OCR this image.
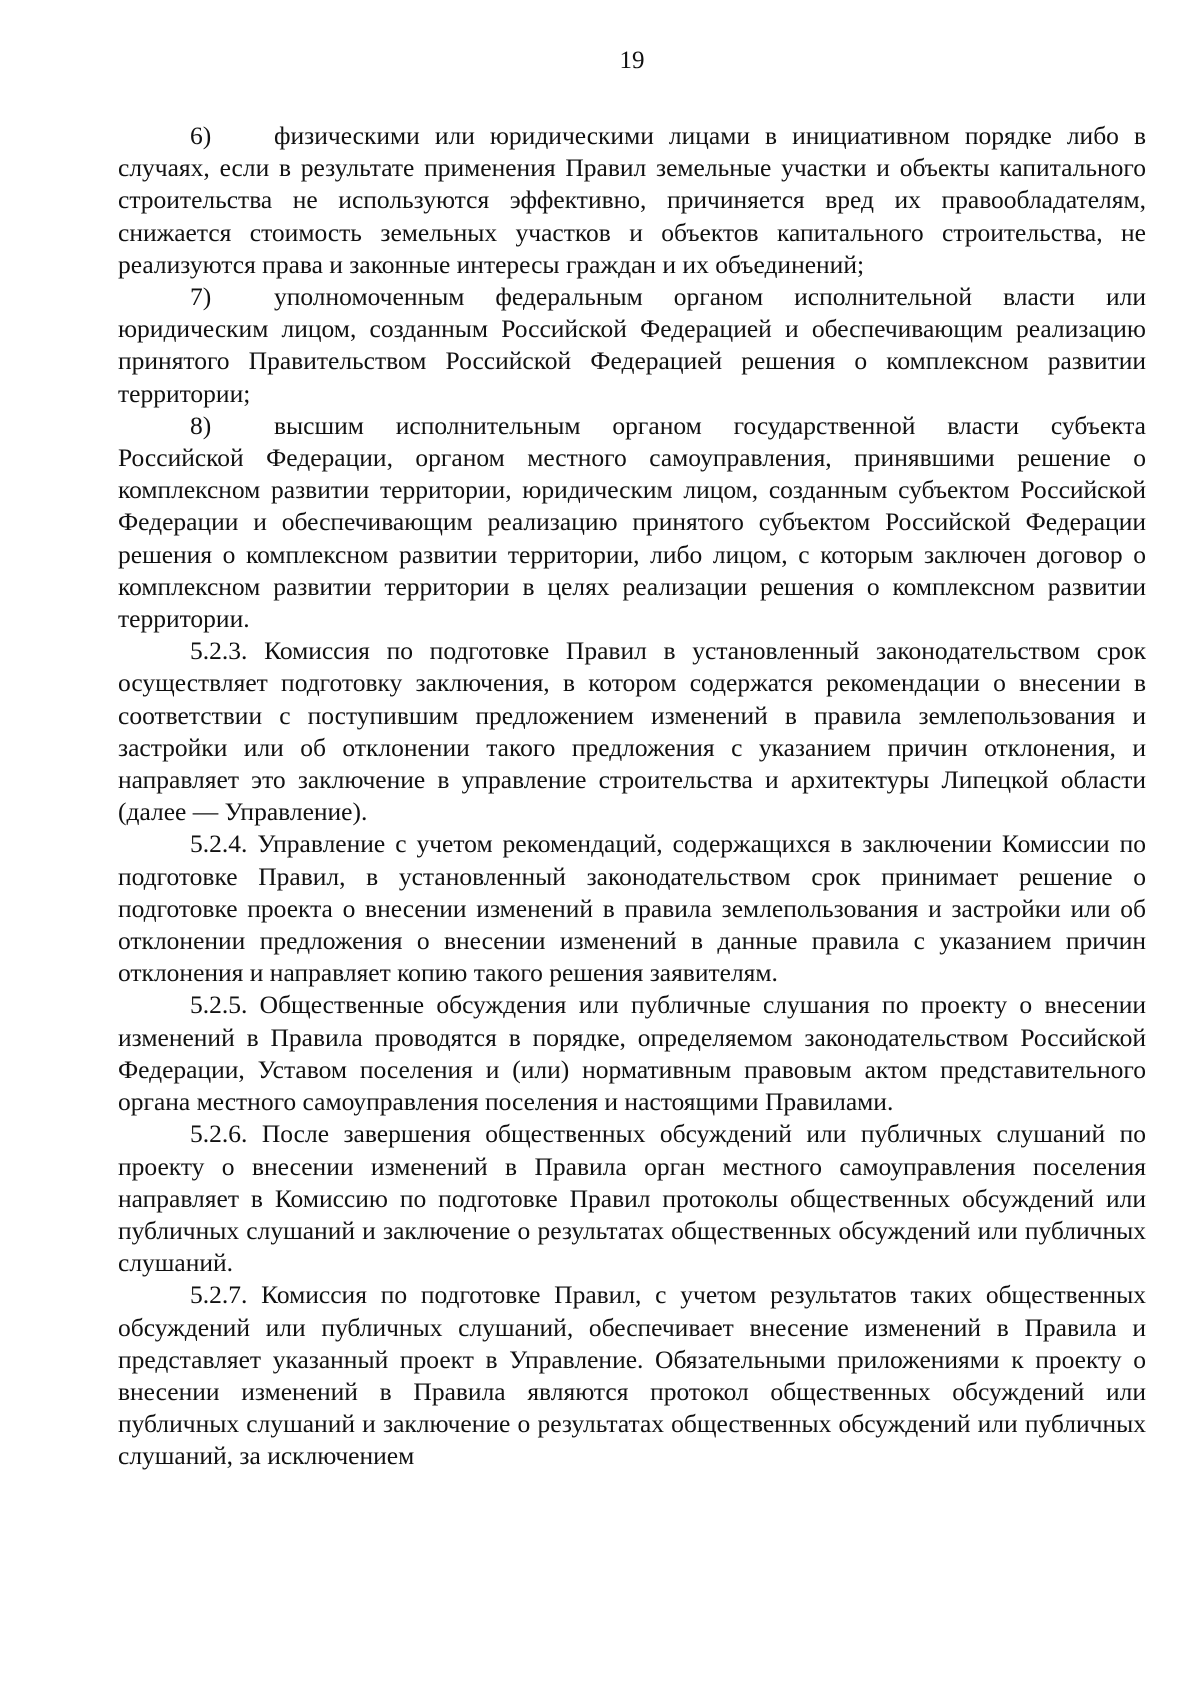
19

6) физическими или юридическими лицами в инициативном порядке либо в случаях, если в результате применения Правил земельные участки и объекты капитального строительства не используются эффективно, причиняется вред их правообладателям, снижается стоимость земельных участков и объектов капитального строительства, не реализуются права и законные интересы граждан и их объединений;

7) уполномоченным федеральным органом исполнительной власти или юридическим лицом, созданным Российской Федерацией и обеспечивающим реализацию принятого Правительством Российской Федерацией решения о комплексном развитии территории;

8) высшим исполнительным органом государственной власти субъекта Российской Федерации, органом местного самоуправления, принявшими решение о комплексном развитии территории, юридическим лицом, созданным субъектом Российской Федерации и обеспечивающим реализацию принятого субъектом Российской Федерации решения о комплексном развитии территории, либо лицом, с которым заключен договор о комплексном развитии территории в целях реализации решения о комплексном развитии территории.

5.2.3. Комиссия по подготовке Правил в установленный законодательством срок осуществляет подготовку заключения, в котором содержатся рекомендации о внесении в соответствии с поступившим предложением изменений в правила землепользования и застройки или об отклонении такого предложения с указанием причин отклонения, и направляет это заключение в управление строительства и архитектуры Липецкой области (далее — Управление).

5.2.4. Управление с учетом рекомендаций, содержащихся в заключении Комиссии по подготовке Правил, в установленный законодательством срок принимает решение о подготовке проекта о внесении изменений в правила землепользования и застройки или об отклонении предложения о внесении изменений в данные правила с указанием причин отклонения и направляет копию такого решения заявителям.

5.2.5. Общественные обсуждения или публичные слушания по проекту о внесении изменений в Правила проводятся в порядке, определяемом законодательством Российской Федерации, Уставом поселения и (или) нормативным правовым актом представительного органа местного самоуправления поселения и настоящими Правилами.

5.2.6. После завершения общественных обсуждений или публичных слушаний по проекту о внесении изменений в Правила орган местного самоуправления поселения направляет в Комиссию по подготовке Правил протоколы общественных обсуждений или публичных слушаний и заключение о результатах общественных обсуждений или публичных слушаний.

5.2.7. Комиссия по подготовке Правил, с учетом результатов таких общественных обсуждений или публичных слушаний, обеспечивает внесение изменений в Правила и представляет указанный проект в Управление. Обязательными приложениями к проекту о внесении изменений в Правила являются протокол общественных обсуждений или публичных слушаний и заключение о результатах общественных обсуждений или публичных слушаний, за исключением
